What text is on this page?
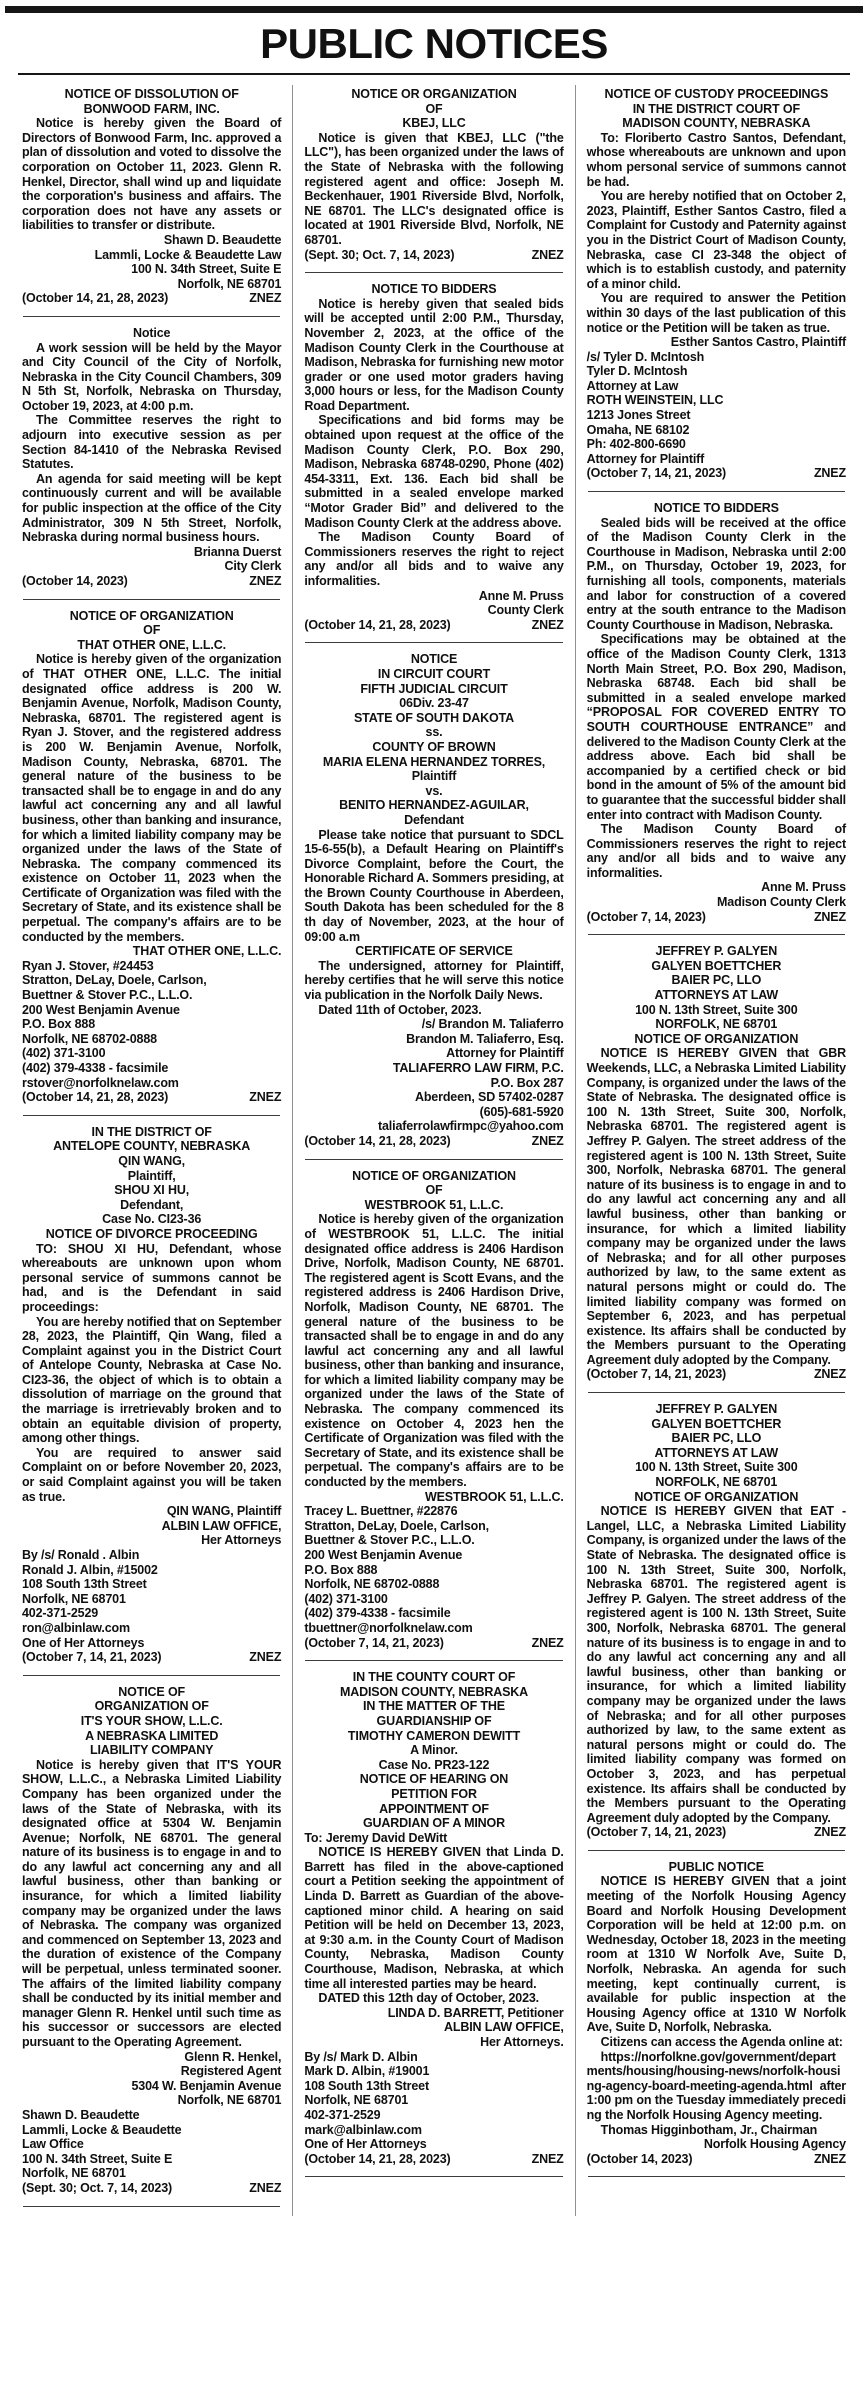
PUBLIC NOTICES
NOTICE OF DISSOLUTION OF
BONWOOD FARM, INC.

Notice is hereby given the Board of Directors of Bonwood Farm, Inc. approved a plan of dissolution and voted to dissolve the corporation on October 11, 2023. Glenn R. Henkel, Director, shall wind up and liquidate the corporation's business and affairs. The corporation does not have any assets or liabilities to transfer or distribute.

Shawn D. Beaudette
Lammli, Locke & Beaudette Law
100 N. 34th Street, Suite E
Norfolk, NE 68701
(October 14, 21, 28, 2023)	ZNEZ
Notice

A work session will be held by the Mayor and City Council of the City of Norfolk, Nebraska in the City Council Chambers, 309 N 5th St, Norfolk, Nebraska on Thursday, October 19, 2023, at 4:00 p.m.

The Committee reserves the right to adjourn into executive session as per Section 84-1410 of the Nebraska Revised Statutes.

An agenda for said meeting will be kept continuously current and will be available for public inspection at the office of the City Administrator, 309 N 5th Street, Norfolk, Nebraska during normal business hours.

Brianna Duerst
City Clerk
(October 14, 2023)	ZNEZ
NOTICE OF ORGANIZATION
OF
THAT OTHER ONE, L.L.C.

Notice is hereby given of the organization of THAT OTHER ONE, L.L.C. The initial designated office address is 200 W. Benjamin Avenue, Norfolk, Madison County, Nebraska, 68701. The registered agent is Ryan J. Stover, and the registered address is 200 W. Benjamin Avenue, Norfolk, Madison County, Nebraska, 68701. The general nature of the business to be transacted shall be to engage in and do any lawful act concerning any and all lawful business, other than banking and insurance, for which a limited liability company may be organized under the laws of the State of Nebraska. The company commenced its existence on October 11, 2023 when the Certificate of Organization was filed with the Secretary of State, and its existence shall be perpetual. The company's affairs are to be conducted by the members.

THAT OTHER ONE, L.L.C.
Ryan J. Stover, #24453
Stratton, DeLay, Doele, Carlson,
Buettner & Stover P.C., L.L.O.
200 West Benjamin Avenue
P.O. Box 888
Norfolk, NE 68702-0888
(402) 371-3100
(402) 379-4338 - facsimile
rstover@norfolknelaw.com
(October 14, 21, 28, 2023)	ZNEZ
IN THE DISTRICT OF
ANTELOPE COUNTY, NEBRASKA
QIN WANG,
Plaintiff,
SHOU XI HU,
Defendant,
Case No. CI23-36
NOTICE OF DIVORCE PROCEEDING

TO: SHOU XI HU, Defendant, whose whereabouts are unknown upon whom personal service of summons cannot be had, and is the Defendant in said proceedings:

You are hereby notified that on September 28, 2023, the Plaintiff, Qin Wang, filed a Complaint against you in the District Court of Antelope County, Nebraska at Case No. CI23-36, the object of which is to obtain a dissolution of marriage on the ground that the marriage is irretrievably broken and to obtain an equitable division of property, among other things.

You are required to answer said Complaint on or before November 20, 2023, or said Complaint against you will be taken as true.

QIN WANG, Plaintiff
ALBIN LAW OFFICE,
Her Attorneys
By /s/ Ronald . Albin
Ronald J. Albin, #15002
108 South 13th Street
Norfolk, NE 68701
402-371-2529
ron@albinlaw.com
One of Her Attorneys
(October 7, 14, 21, 2023)	ZNEZ
NOTICE OF
ORGANIZATION OF
IT'S YOUR SHOW, L.L.C.
A NEBRASKA LIMITED
LIABILITY COMPANY

Notice is hereby given that IT'S YOUR SHOW, L.L.C., a Nebraska Limited Liability Company has been organized under the laws of the State of Nebraska, with its designated office at 5304 W. Benjamin Avenue; Norfolk, NE 68701. The general nature of its business is to engage in and to do any lawful act concerning any and all lawful business, other than banking or insurance, for which a limited liability company may be organized under the laws of Nebraska. The company was organized and commenced on September 13, 2023 and the duration of existence of the Company will be perpetual, unless terminated sooner. The affairs of the limited liability company shall be conducted by its initial member and manager Glenn R. Henkel until such time as his successor or successors are elected pursuant to the Operating Agreement.

Glenn R. Henkel,
Registered Agent
5304 W. Benjamin Avenue
Norfolk, NE 68701
Shawn D. Beaudette
Lammli, Locke & Beaudette
Law Office
100 N. 34th Street, Suite E
Norfolk, NE 68701
(Sept. 30; Oct. 7, 14, 2023)	ZNEZ
NOTICE OR ORGANIZATION
OF
KBEJ, LLC

Notice is given that KBEJ, LLC ("the LLC"), has been organized under the laws of the State of Nebraska with the following registered agent and office: Joseph M. Beckenhauer, 1901 Riverside Blvd, Norfolk, NE 68701. The LLC's designated office is located at 1901 Riverside Blvd, Norfolk, NE 68701.

(Sept. 30; Oct. 7, 14, 2023)	ZNEZ
NOTICE TO BIDDERS

Notice is hereby given that sealed bids will be accepted until 2:00 P.M., Thursday, November 2, 2023, at the office of the Madison County Clerk in the Courthouse at Madison, Nebraska for furnishing new motor grader or one used motor graders having 3,000 hours or less, for the Madison County Road Department.

Specifications and bid forms may be obtained upon request at the office of the Madison County Clerk, P.O. Box 290, Madison, Nebraska 68748-0290, Phone (402) 454-3311, Ext. 136. Each bid shall be submitted in a sealed envelope marked “Motor Grader Bid” and delivered to the Madison County Clerk at the address above.

The Madison County Board of Commissioners reserves the right to reject any and/or all bids and to waive any informalities.

Anne M. Pruss
County Clerk
(October 14, 21, 28, 2023)	ZNEZ
NOTICE
IN CIRCUIT COURT
FIFTH JUDICIAL CIRCUIT
06Div. 23-47
STATE OF SOUTH DAKOTA
ss.
COUNTY OF BROWN
MARIA ELENA HERNANDEZ TORRES,
Plaintiff
vs.
BENITO HERNANDEZ-AGUILAR,
Defendant

Please take notice that pursuant to SDCL 15-6-55(b), a Default Hearing on Plaintiff's Divorce Complaint, before the Court, the Honorable Richard A. Sommers presiding, at the Brown County Courthouse in Aberdeen, South Dakota has been scheduled for the 8 th day of November, 2023, at the hour of 09:00 a.m

CERTIFICATE OF SERVICE

The undersigned, attorney for Plaintiff, hereby certifies that he will serve this notice via publication in the Norfolk Daily News.

Dated 11th of October, 2023.

/s/ Brandon M. Taliaferro
Brandon M. Taliaferro, Esq.
Attorney for Plaintiff
TALIAFERRO LAW FIRM, P.C.
P.O. Box 287
Aberdeen, SD 57402-0287
(605)-681-5920
taliaferrolawfirmpc@yahoo.com
(October 14, 21, 28, 2023)	ZNEZ
NOTICE OF ORGANIZATION
OF
WESTBROOK 51, L.L.C.

Notice is hereby given of the organization of WESTBROOK 51, L.L.C. The initial designated office address is 2406 Hardison Drive, Norfolk, Madison County, NE 68701. The registered agent is Scott Evans, and the registered address is 2406 Hardison Drive, Norfolk, Madison County, NE 68701. The general nature of the business to be transacted shall be to engage in and do any lawful act concerning any and all lawful business, other than banking and insurance, for which a limited liability company may be organized under the laws of the State of Nebraska. The company commenced its existence on October 4, 2023 hen the Certificate of Organization was filed with the Secretary of State, and its existence shall be perpetual. The company's affairs are to be conducted by the members.

WESTBROOK 51, L.L.C.
Tracey L. Buettner, #22876
Stratton, DeLay, Doele, Carlson,
Buettner & Stover P.C., L.L.O.
200 West Benjamin Avenue
P.O. Box 888
Norfolk, NE 68702-0888
(402) 371-3100
(402) 379-4338 - facsimile
tbuettner@norfolknelaw.com
(October 7, 14, 21, 2023)	ZNEZ
IN THE COUNTY COURT OF
MADISON COUNTY, NEBRASKA
IN THE MATTER OF THE
GUARDIANSHIP OF
TIMOTHY CAMERON DEWITT
A Minor.
Case No. PR23-122
NOTICE OF HEARING ON
PETITION FOR
APPOINTMENT OF
GUARDIAN OF A MINOR
To: Jeremy David DeWitt

NOTICE IS HEREBY GIVEN that Linda D. Barrett has filed in the above-captioned court a Petition seeking the appointment of Linda D. Barrett as Guardian of the above-captioned minor child. A hearing on said Petition will be held on December 13, 2023, at 9:30 a.m. in the County Court of Madison County, Nebraska, Madison County Courthouse, Madison, Nebraska, at which time all interested parties may be heard.

DATED this 12th day of October, 2023.

LINDA D. BARRETT, Petitioner
ALBIN LAW OFFICE,
Her Attorneys.
By /s/ Mark D. Albin
Mark D. Albin, #19001
108 South 13th Street
Norfolk, NE 68701
402-371-2529
mark@albinlaw.com
One of Her Attorneys
(October 14, 21, 28, 2023)	ZNEZ
NOTICE OF CUSTODY PROCEEDINGS
IN THE DISTRICT COURT OF
MADISON COUNTY, NEBRASKA

To: Floriberto Castro Santos, Defendant, whose whereabouts are unknown and upon whom personal service of summons cannot be had.

You are hereby notified that on October 2, 2023, Plaintiff, Esther Santos Castro, filed a Complaint for Custody and Paternity against you in the District Court of Madison County, Nebraska, case CI 23-348 the object of which is to establish custody, and paternity of a minor child.

You are required to answer the Petition within 30 days of the last publication of this notice or the Petition will be taken as true.

Esther Santos Castro, Plaintiff
/s/ Tyler D. McIntosh
Tyler D. McIntosh
Attorney at Law
ROTH WEINSTEIN, LLC
1213 Jones Street
Omaha, NE 68102
Ph: 402-800-6690
Attorney for Plaintiff
(October 7, 14, 21, 2023)	ZNEZ
NOTICE TO BIDDERS

Sealed bids will be received at the office of the Madison County Clerk in the Courthouse in Madison, Nebraska until 2:00 P.M., on Thursday, October 19, 2023, for furnishing all tools, components, materials and labor for construction of a covered entry at the south entrance to the Madison County Courthouse in Madison, Nebraska.

Specifications may be obtained at the office of the Madison County Clerk, 1313 North Main Street, P.O. Box 290, Madison, Nebraska 68748. Each bid shall be submitted in a sealed envelope marked “PROPOSAL FOR COVERED ENTRY TO SOUTH COURTHOUSE ENTRANCE” and delivered to the Madison County Clerk at the address above. Each bid shall be accompanied by a certified check or bid bond in the amount of 5% of the amount bid to guarantee that the successful bidder shall enter into contract with Madison County.

The Madison County Board of Commissioners reserves the right to reject any and/or all bids and to waive any informalities.

Anne M. Pruss
Madison County Clerk
(October 7, 14, 2023)	ZNEZ
JEFFREY P. GALYEN
GALYEN BOETTCHER
BAIER PC, LLO
ATTORNEYS AT LAW
100 N. 13th Street, Suite 300
NORFOLK, NE 68701
NOTICE OF ORGANIZATION

NOTICE IS HEREBY GIVEN that GBR Weekends, LLC, a Nebraska Limited Liability Company, is organized under the laws of the State of Nebraska. The designated office is 100 N. 13th Street, Suite 300, Norfolk, Nebraska 68701. The registered agent is Jeffrey P. Galyen. The street address of the registered agent is 100 N. 13th Street, Suite 300, Norfolk, Nebraska 68701. The general nature of its business is to engage in and to do any lawful act concerning any and all lawful business, other than banking or insurance, for which a limited liability company may be organized under the laws of Nebraska; and for all other purposes authorized by law, to the same extent as natural persons might or could do. The limited liability company was formed on September 6, 2023, and has perpetual existence. Its affairs shall be conducted by the Members pursuant to the Operating Agreement duly adopted by the Company.

(October 7, 14, 21, 2023)	ZNEZ
JEFFREY P. GALYEN
GALYEN BOETTCHER
BAIER PC, LLO
ATTORNEYS AT LAW
100 N. 13th Street, Suite 300
NORFOLK, NE 68701
NOTICE OF ORGANIZATION

NOTICE IS HEREBY GIVEN that EAT - Langel, LLC, a Nebraska Limited Liability Company, is organized under the laws of the State of Nebraska. The designated office is 100 N. 13th Street, Suite 300, Norfolk, Nebraska 68701. The registered agent is Jeffrey P. Galyen. The street address of the registered agent is 100 N. 13th Street, Suite 300, Norfolk, Nebraska 68701. The general nature of its business is to engage in and to do any lawful act concerning any and all lawful business, other than banking or insurance, for which a limited liability company may be organized under the laws of Nebraska; and for all other purposes authorized by law, to the same extent as natural persons might or could do. The limited liability company was formed on October 3, 2023, and has perpetual existence. Its affairs shall be conducted by the Members pursuant to the Operating Agreement duly adopted by the Company.

(October 7, 14, 21, 2023)	ZNEZ
PUBLIC NOTICE

NOTICE IS HEREBY GIVEN that a joint meeting of the Norfolk Housing Agency Board and Norfolk Housing Development Corporation will be held at 12:00 p.m. on Wednesday, October 18, 2023 in the meeting room at 1310 W Norfolk Ave, Suite D, Norfolk, Nebraska. An agenda for such meeting, kept continually current, is available for public inspection at the Housing Agency office at 1310 W Norfolk Ave, Suite D, Norfolk, Nebraska.

Citizens can access the Agenda online at:

https://norfolkne.gov/government/departments/housing/housing-news/norfolk-housing-agency-board-meeting-agenda.html after 1:00 pm on the Tuesday immediately preceding the Norfolk Housing Agency meeting.

Thomas Higginbotham, Jr., Chairman

Norfolk Housing Agency
(October 14, 2023)	ZNEZ
